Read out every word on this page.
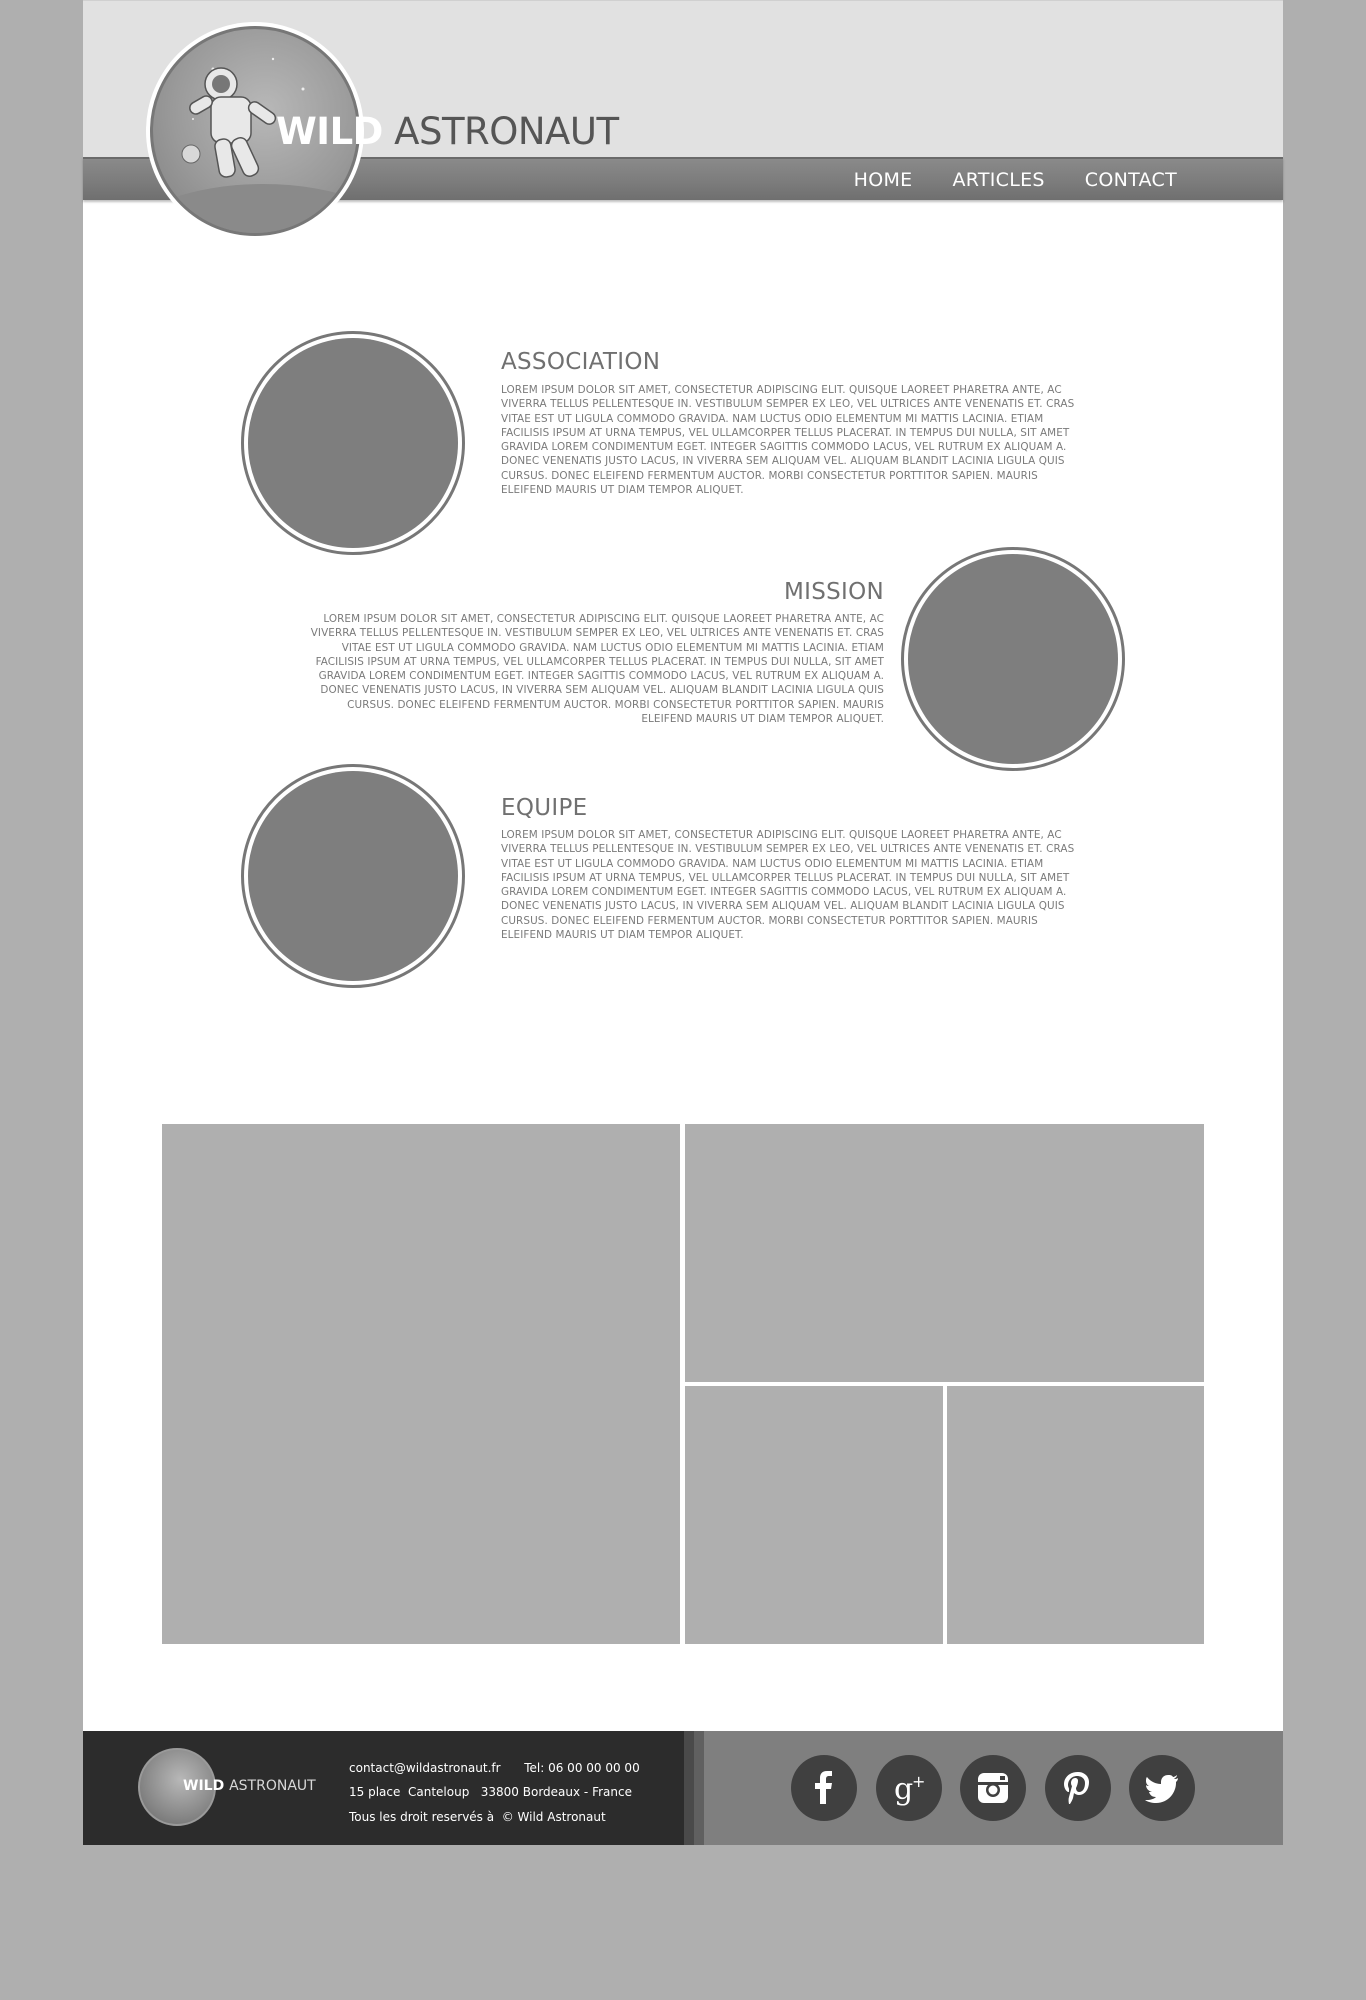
HOME ARTICLES CONTACT
WILD ASTRONAUT
ASSOCIATION
LOREM IPSUM DOLOR SIT AMET, CONSECTETUR ADIPISCING ELIT. QUISQUE LAOREET PHARETRA ANTE, AC VIVERRA TELLUS PELLENTESQUE IN. VESTIBULUM SEMPER EX LEO, VEL ULTRICES ANTE VENENATIS ET. CRAS VITAE EST UT LIGULA COMMODO GRAVIDA. NAM LUCTUS ODIO ELEMENTUM MI MATTIS LACINIA. ETIAM FACILISIS IPSUM AT URNA TEMPUS, VEL ULLAMCORPER TELLUS PLACERAT. IN TEMPUS DUI NULLA, SIT AMET GRAVIDA LOREM CONDIMENTUM EGET. INTEGER SAGITTIS COMMODO LACUS, VEL RUTRUM EX ALIQUAM A. DONEC VENENATIS JUSTO LACUS, IN VIVERRA SEM ALIQUAM VEL. ALIQUAM BLANDIT LACINIA LIGULA QUIS CURSUS. DONEC ELEIFEND FERMENTUM AUCTOR. MORBI CONSECTETUR PORTTITOR SAPIEN. MAURIS ELEIFEND MAURIS UT DIAM TEMPOR ALIQUET.
MISSION
LOREM IPSUM DOLOR SIT AMET, CONSECTETUR ADIPISCING ELIT. QUISQUE LAOREET PHARETRA ANTE, AC VIVERRA TELLUS PELLENTESQUE IN. VESTIBULUM SEMPER EX LEO, VEL ULTRICES ANTE VENENATIS ET. CRAS VITAE EST UT LIGULA COMMODO GRAVIDA. NAM LUCTUS ODIO ELEMENTUM MI MATTIS LACINIA. ETIAM FACILISIS IPSUM AT URNA TEMPUS, VEL ULLAMCORPER TELLUS PLACERAT. IN TEMPUS DUI NULLA, SIT AMET GRAVIDA LOREM CONDIMENTUM EGET. INTEGER SAGITTIS COMMODO LACUS, VEL RUTRUM EX ALIQUAM A. DONEC VENENATIS JUSTO LACUS, IN VIVERRA SEM ALIQUAM VEL. ALIQUAM BLANDIT LACINIA LIGULA QUIS CURSUS. DONEC ELEIFEND FERMENTUM AUCTOR. MORBI CONSECTETUR PORTTITOR SAPIEN. MAURIS ELEIFEND MAURIS UT DIAM TEMPOR ALIQUET.
EQUIPE
LOREM IPSUM DOLOR SIT AMET, CONSECTETUR ADIPISCING ELIT. QUISQUE LAOREET PHARETRA ANTE, AC VIVERRA TELLUS PELLENTESQUE IN. VESTIBULUM SEMPER EX LEO, VEL ULTRICES ANTE VENENATIS ET. CRAS VITAE EST UT LIGULA COMMODO GRAVIDA. NAM LUCTUS ODIO ELEMENTUM MI MATTIS LACINIA. ETIAM FACILISIS IPSUM AT URNA TEMPUS, VEL ULLAMCORPER TELLUS PLACERAT. IN TEMPUS DUI NULLA, SIT AMET GRAVIDA LOREM CONDIMENTUM EGET. INTEGER SAGITTIS COMMODO LACUS, VEL RUTRUM EX ALIQUAM A. DONEC VENENATIS JUSTO LACUS, IN VIVERRA SEM ALIQUAM VEL. ALIQUAM BLANDIT LACINIA LIGULA QUIS CURSUS. DONEC ELEIFEND FERMENTUM AUCTOR. MORBI CONSECTETUR PORTTITOR SAPIEN. MAURIS ELEIFEND MAURIS UT DIAM TEMPOR ALIQUET.
WILD ASTRONAUT
contact@wildastronaut.fr Tel: 06 00 00 00 00
15 place  Canteloup   33800 Bordeaux - France
Tous les droit reservés à  © Wild Astronaut
g
+
